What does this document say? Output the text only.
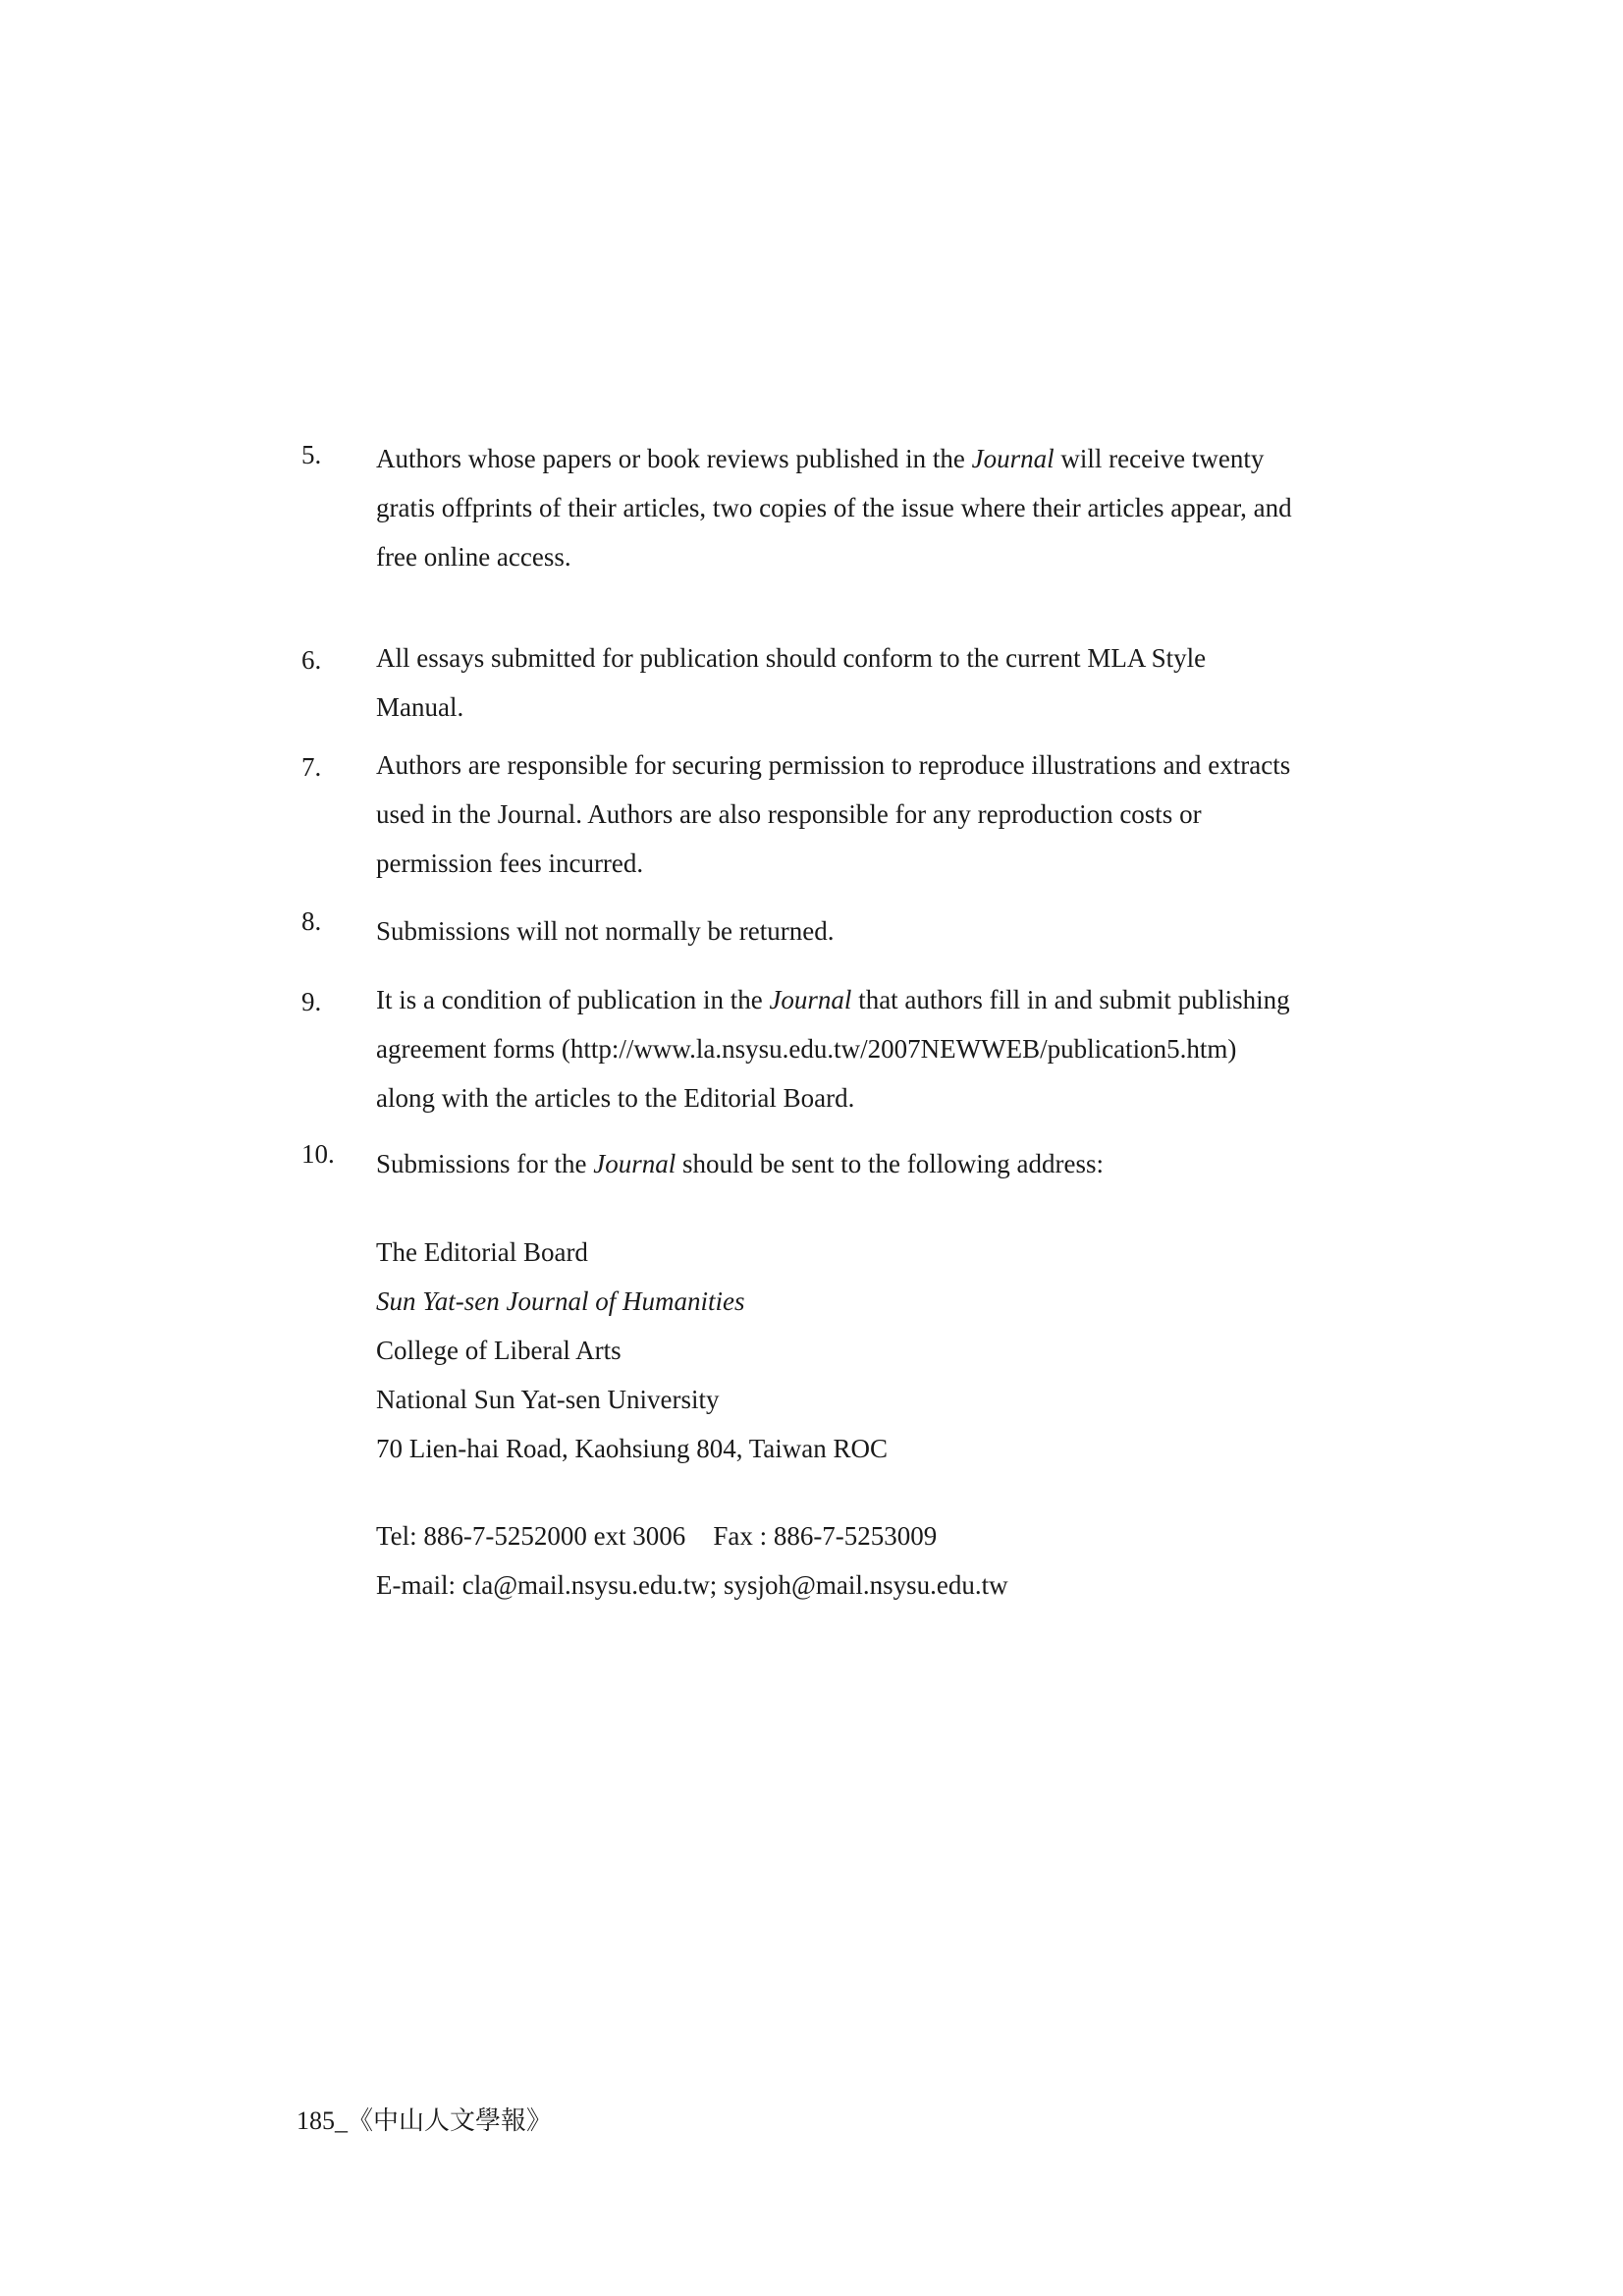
5. Authors whose papers or book reviews published in the Journal will receive twenty
gratis offprints of their articles, two copies of the issue where their articles appear, and
free online access.
6. All essays submitted for publication should conform to the current MLA Style
Manual.
7. Authors are responsible for securing permission to reproduce illustrations and extracts
used in the Journal. Authors are also responsible for any reproduction costs or
permission fees incurred.
8. Submissions will not normally be returned.
9. It is a condition of publication in the Journal that authors fill in and submit publishing
agreement forms (http://www.la.nsysu.edu.tw/2007NEWWEB/publication5.htm)
along with the articles to the Editorial Board.
10. Submissions for the Journal should be sent to the following address:
The Editorial Board
Sun Yat-sen Journal of Humanities
College of Liberal Arts
National Sun Yat-sen University
70 Lien-hai Road, Kaohsiung 804, Taiwan ROC
Tel: 886-7-5252000 ext 3006 Fax : 886-7-5253009
E-mail: cla@mail.nsysu.edu.tw; sysjoh@mail.nsysu.edu.tw
185_《中山人文學報》
